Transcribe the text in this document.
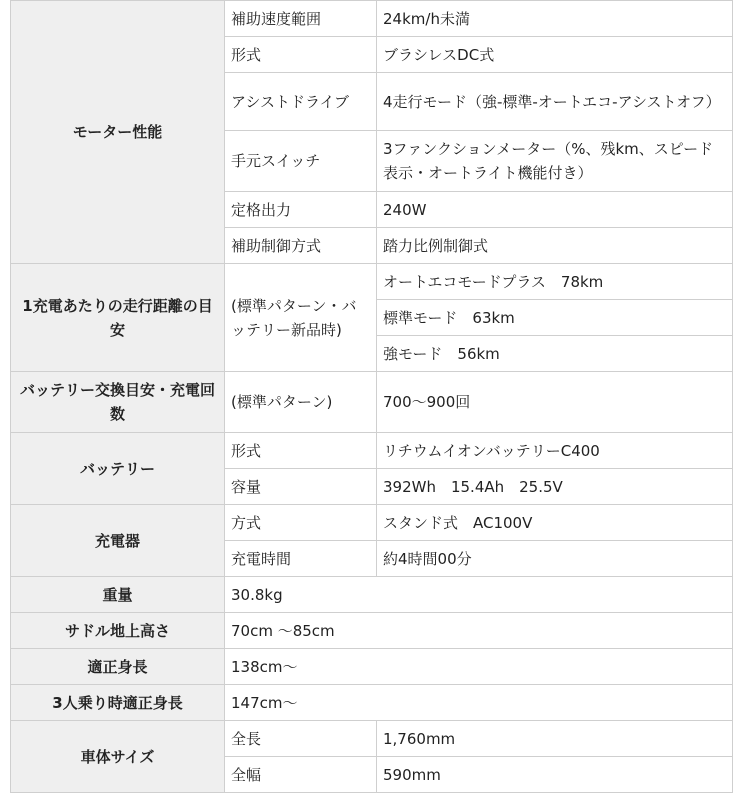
モーター性能	補助速度範囲	24km/h未満
	形式	ブラシレスDC式
	アシストドライブ	4走行モード（強-標準-オートエコ-アシストオフ）
	手元スイッチ	3ファンクションメーター（%、残km、スピード表示・オートライト機能付き）
	定格出力	240W
	補助制御方式	踏力比例制御式
1充電あたりの走行距離の目安	(標準パターン・バッテリー新品時)	オートエコモードプラス　78km
		標準モード　63km
		強モード　56km
バッテリー交換目安・充電回数	(標準パターン)	700〜900回
バッテリー	形式	リチウムイオンバッテリーC400
	容量	392Wh　15.4Ah　25.5V
充電器	方式	スタンド式　AC100V
	充電時間	約4時間00分
重量	30.8kg	
サドル地上高さ	70cm 〜85cm	
適正身長	138cm〜	
3人乗り時適正身長	147cm〜	
車体サイズ	全長	1,760mm
	全幅	590mm
